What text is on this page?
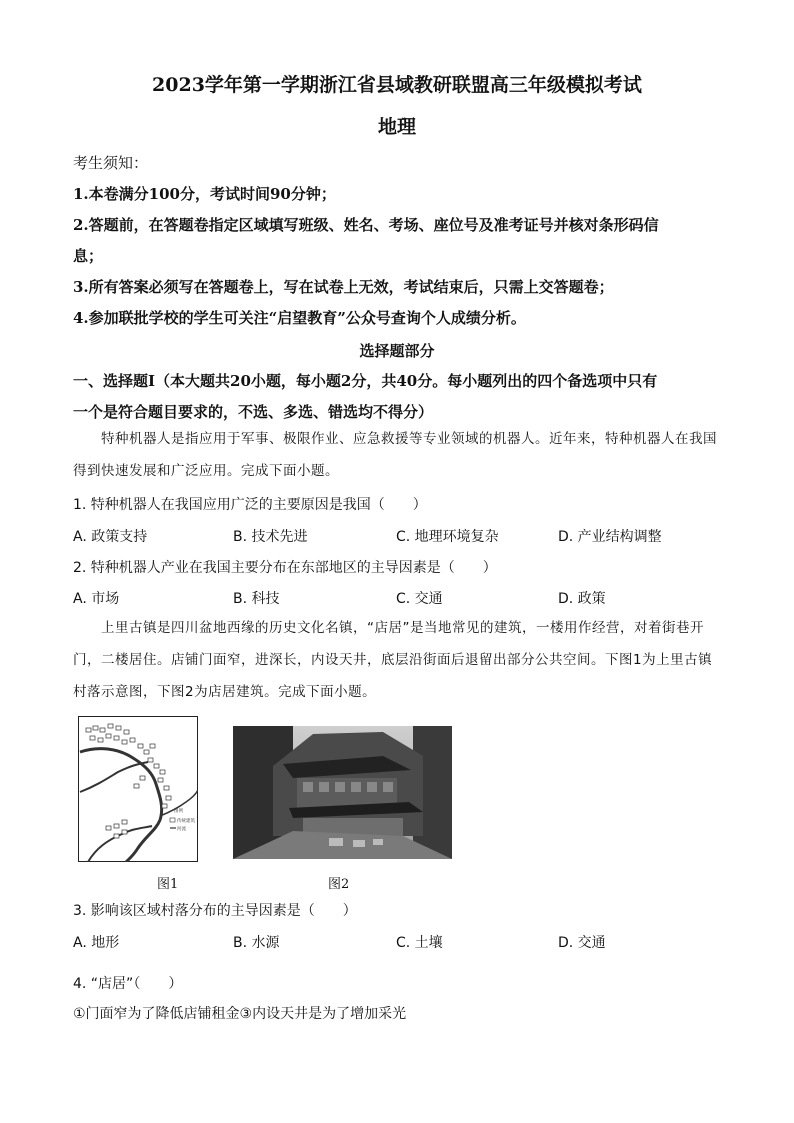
2023学年第一学期浙江省县域教研联盟高三年级模拟考试
地理
考生须知：
1.本卷满分100分，考试时间90分钟；
2.答题前，在答题卷指定区域填写班级、姓名、考场、座位号及准考证号并核对条形码信
息；
3.所有答案必须写在答题卷上，写在试卷上无效，考试结束后，只需上交答题卷；
4.参加联批学校的学生可关注“启望教育”公众号查询个人成绩分析。
选择题部分
一、选择题Ⅰ（本大题共20小题，每小题2分，共40分。每小题列出的四个备选项中只有
一个是符合题目要求的，不选、多选、错选均不得分）
特种机器人是指应用于军事、极限作业、应急救援等专业领域的机器人。近年来，特种机器人在我国
得到快速发展和广泛应用。完成下面小题。
1. 特种机器人在我国应用广泛的主要原因是我国（　　）
A. 政策支持	B. 技术先进	C. 地理环境复杂	D. 产业结构调整
2. 特种机器人产业在我国主要分布在东部地区的主导因素是（　　）
A. 市场	B. 科技	C. 交通	D. 政策
上里古镇是四川盆地西缘的历史文化名镇，“店居”是当地常见的建筑，一楼用作经营，对着街巷开
门，二楼居住。店铺门面窄，进深长，内设天井，底层沿街面后退留出部分公共空间。下图1为上里古镇
村落示意图，下图2为店居建筑。完成下面小题。
图例
传统建筑
河流
图1	图2
3. 影响该区域村落分布的主导因素是（　　）
A. 地形	B. 水源	C. 土壤	D. 交通
4. “店居”（　　）
①门面窄为了降低店铺租金③内设天井是为了增加采光
